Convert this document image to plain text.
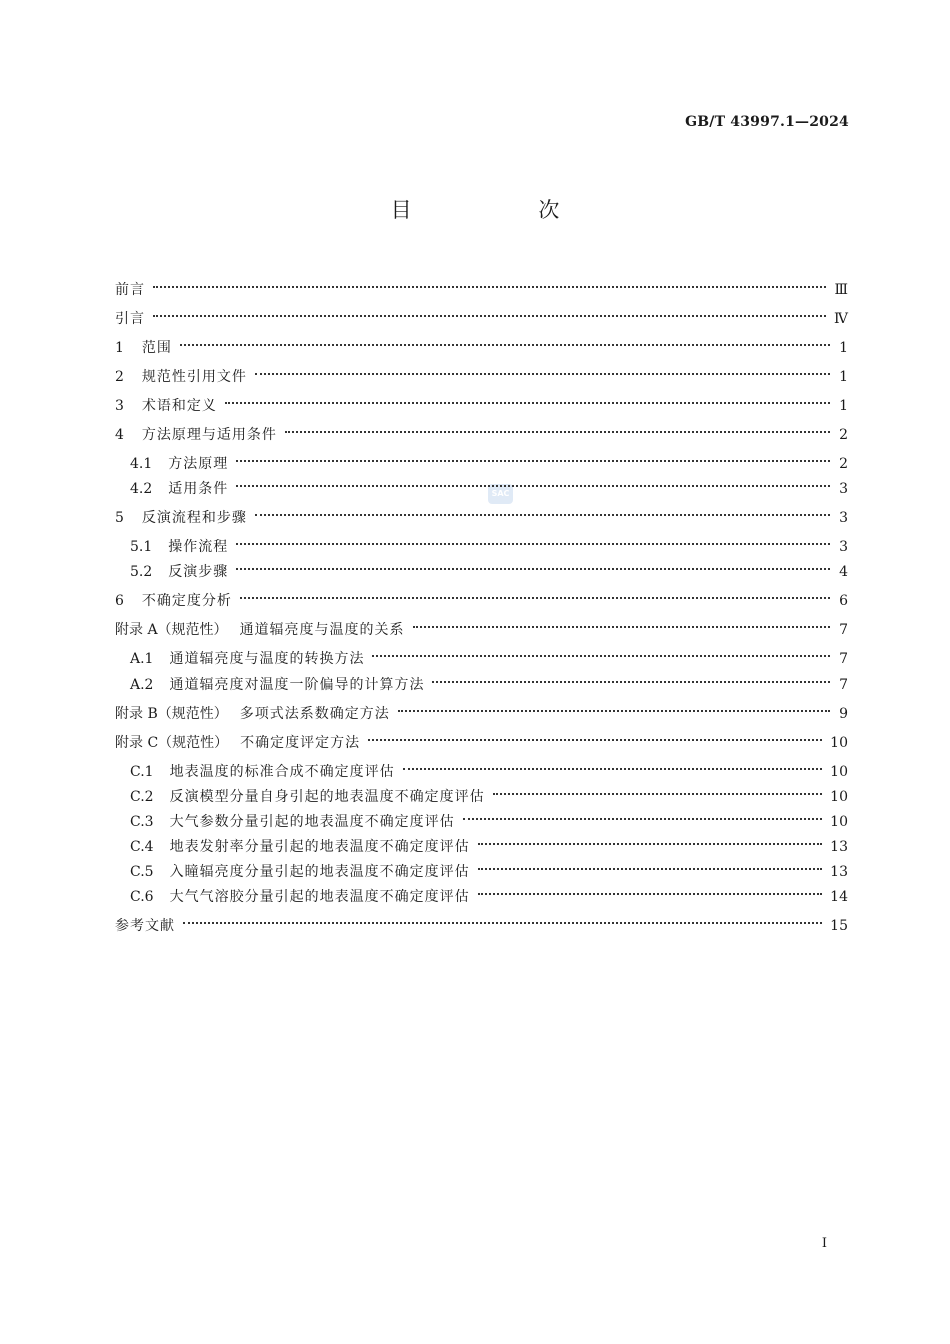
GB/T 43997.1—2024
目 次
SAC
前言	Ⅲ
引言	Ⅳ
1 范围	1
2 规范性引用文件	1
3 术语和定义	1
4 方法原理与适用条件	2
4.1 方法原理	2
4.2 适用条件	3
5 反演流程和步骤	3
5.1 操作流程	3
5.2 反演步骤	4
6 不确定度分析	6
附录 A（规范性） 通道辐亮度与温度的关系	7
A.1 通道辐亮度与温度的转换方法	7
A.2 通道辐亮度对温度一阶偏导的计算方法	7
附录 B（规范性） 多项式法系数确定方法	9
附录 C（规范性） 不确定度评定方法	10
C.1 地表温度的标准合成不确定度评估	10
C.2 反演模型分量自身引起的地表温度不确定度评估	10
C.3 大气参数分量引起的地表温度不确定度评估	10
C.4 地表发射率分量引起的地表温度不确定度评估	13
C.5 入瞳辐亮度分量引起的地表温度不确定度评估	13
C.6 大气气溶胶分量引起的地表温度不确定度评估	14
参考文献	15
I
